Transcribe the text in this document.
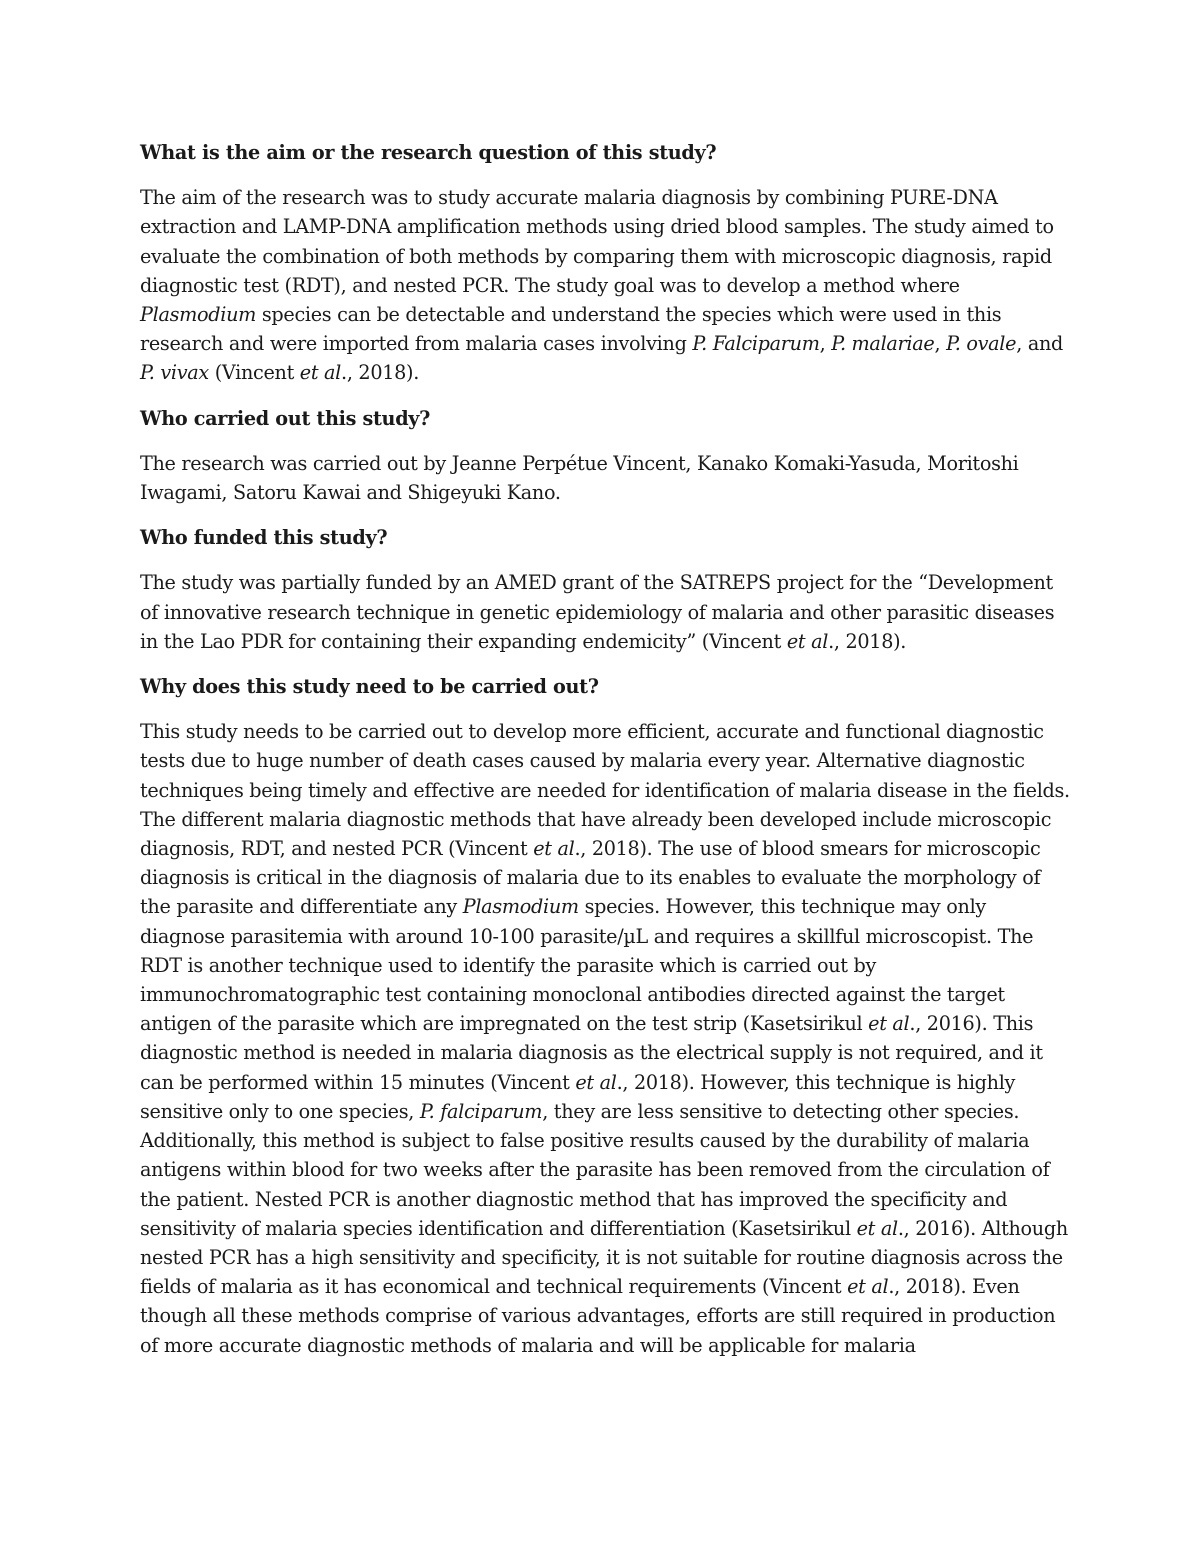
What is the aim or the research question of this study?
The aim of the research was to study accurate malaria diagnosis by combining PURE-DNA extraction and LAMP-DNA amplification methods using dried blood samples. The study aimed to evaluate the combination of both methods by comparing them with microscopic diagnosis, rapid diagnostic test (RDT), and nested PCR. The study goal was to develop a method where Plasmodium species can be detectable and understand the species which were used in this research and were imported from malaria cases involving P. Falciparum, P. malariae, P. ovale, and P. vivax (Vincent et al., 2018).
Who carried out this study?
The research was carried out by Jeanne Perpétue Vincent, Kanako Komaki-Yasuda, Moritoshi Iwagami, Satoru Kawai and Shigeyuki Kano.
Who funded this study?
The study was partially funded by an AMED grant of the SATREPS project for the “Development of innovative research technique in genetic epidemiology of malaria and other parasitic diseases in the Lao PDR for containing their expanding endemicity” (Vincent et al., 2018).
Why does this study need to be carried out?
This study needs to be carried out to develop more efficient, accurate and functional diagnostic tests due to huge number of death cases caused by malaria every year. Alternative diagnostic techniques being timely and effective are needed for identification of malaria disease in the fields. The different malaria diagnostic methods that have already been developed include microscopic diagnosis, RDT, and nested PCR (Vincent et al., 2018). The use of blood smears for microscopic diagnosis is critical in the diagnosis of malaria due to its enables to evaluate the morphology of the parasite and differentiate any Plasmodium species. However, this technique may only diagnose parasitemia with around 10-100 parasite/µL and requires a skillful microscopist. The RDT is another technique used to identify the parasite which is carried out by immunochromatographic test containing monoclonal antibodies directed against the target antigen of the parasite which are impregnated on the test strip (Kasetsirikul et al., 2016). This diagnostic method is needed in malaria diagnosis as the electrical supply is not required, and it can be performed within 15 minutes (Vincent et al., 2018). However, this technique is highly sensitive only to one species, P. falciparum, they are less sensitive to detecting other species. Additionally, this method is subject to false positive results caused by the durability of malaria antigens within blood for two weeks after the parasite has been removed from the circulation of the patient. Nested PCR is another diagnostic method that has improved the specificity and sensitivity of malaria species identification and differentiation (Kasetsirikul et al., 2016). Although nested PCR has a high sensitivity and specificity, it is not suitable for routine diagnosis across the fields of malaria as it has economical and technical requirements (Vincent et al., 2018). Even though all these methods comprise of various advantages, efforts are still required in production of more accurate diagnostic methods of malaria and will be applicable for malaria
